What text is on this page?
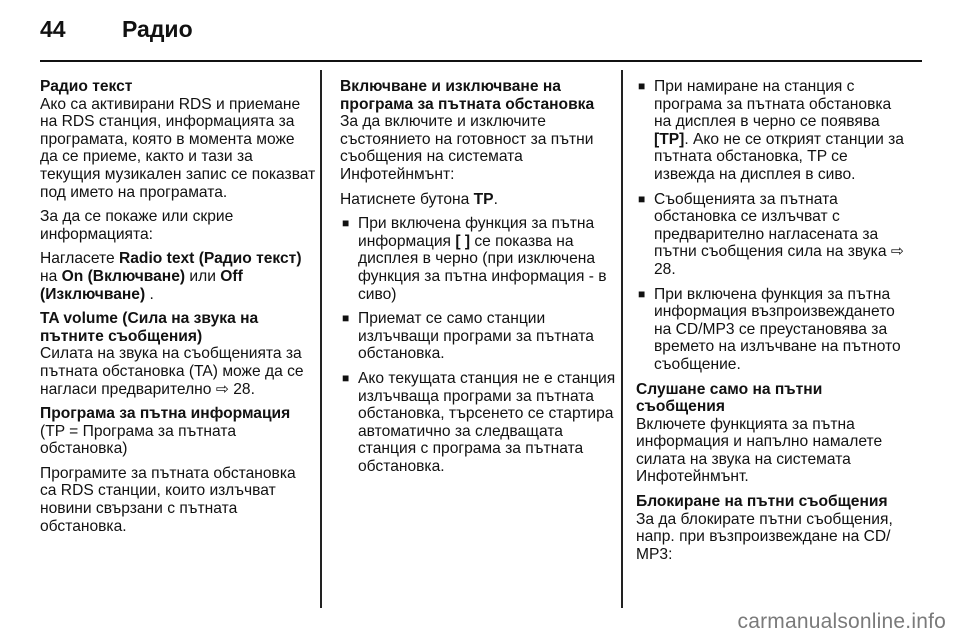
44 Радио
Радио текст

Ако са активирани RDS и приемане на RDS станция, информацията за програмата, която в момента може да се приеме, както и тази за текущия музикален запис се показват под името на програмата.

За да се покаже или скрие информацията:

Нагласете Radio text (Радио текст) на On (Включване) или Off (Изключване) .

TA volume (Сила на звука на пътните съобщения)

Силата на звука на съобщенията за пътната обстановка (TA) може да се нагласи предварително ⇨ 28.

Програма за пътна информация

(TP = Програма за пътната обстановка)

Програмите за пътната обстановка са RDS станции, които излъчват новини свързани с пътната обстановка.

Включване и изключване на програма за пътната обстановка

За да включите и изключите състоянието на готовност за пътни съобщения на системата Инфотейнмънт:

Натиснете бутона TP.

■ При включена функция за пътна информация [ ] се показва на дисплея в черно (при изключена функция за пътна информация - в сиво)
■ Приемат се само станции излъчващи програми за пътната обстановка.
■ Ако текущата станция не е станция излъчваща програми за пътната обстановка, търсенето се стартира автоматично за следващата станция с програма за пътната обстановка.
■ При намиране на станция с програма за пътната обстановка на дисплея в черно се появява [TP]. Ако не се открият станции за пътната обстановка, TP се извежда на дисплея в сиво.
■ Съобщенията за пътната обстановка се излъчват с предварително нагласената за пътни съобщения сила на звука ⇨ 28.
■ При включена функция за пътна информация възпроизвеждането на CD/MP3 се преустановява за времето на излъчване на пътното съобщение.
Слушане само на пътни съобщения

Включете функцията за пътна информация и напълно намалете силата на звука на системата Инфотейнмънт.

Блокиране на пътни съобщения

За да блокирате пътни съобщения, напр. при възпроизвеждане на CD/ MP3:

carmanualsonline.info
